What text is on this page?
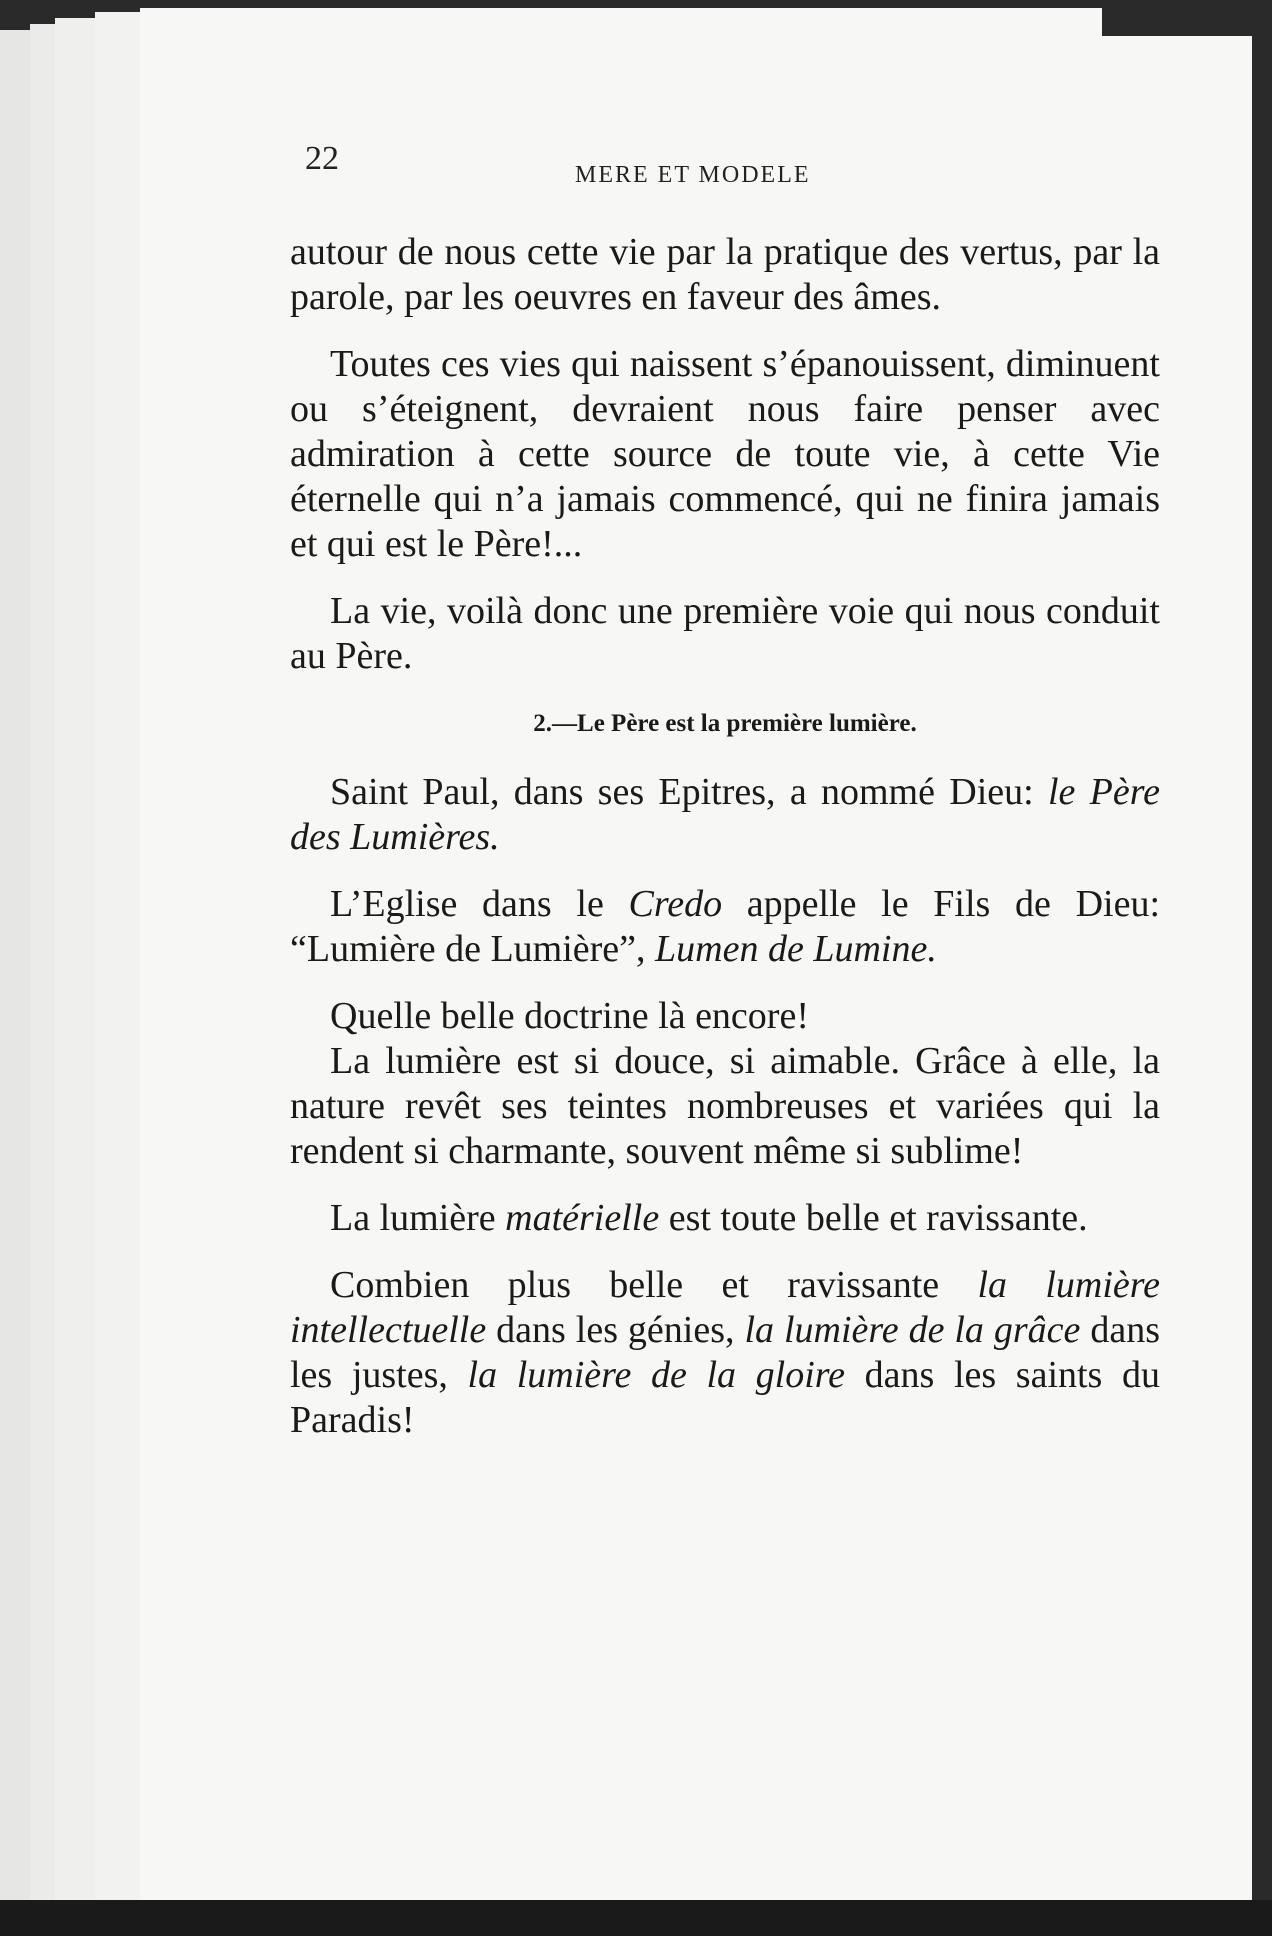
22	MERE ET MODELE

autour de nous cette vie par la pratique des vertus, par la parole, par les oeuvres en faveur des âmes.

Toutes ces vies qui naissent s’épanouissent, diminuent ou s’éteignent, devraient nous faire penser avec admiration à cette source de toute vie, à cette Vie éternelle qui n’a jamais commencé, qui ne finira jamais et qui est le Père!...

La vie, voilà donc une première voie qui nous conduit au Père.

2.—Le Père est la première lumière.

Saint Paul, dans ses Epitres, a nommé Dieu: le Père des Lumières.

L’Eglise dans le Credo appelle le Fils de Dieu: “Lumière de Lumière”, Lumen de Lumine.

Quelle belle doctrine là encore!

La lumière est si douce, si aimable. Grâce à elle, la nature revêt ses teintes nombreuses et variées qui la rendent si charmante, souvent même si sublime!

La lumière matérielle est toute belle et ravissante.

Combien plus belle et ravissante la lumière intellectuelle dans les génies, la lumière de la grâce dans les justes, la lumière de la gloire dans les saints du Paradis!
